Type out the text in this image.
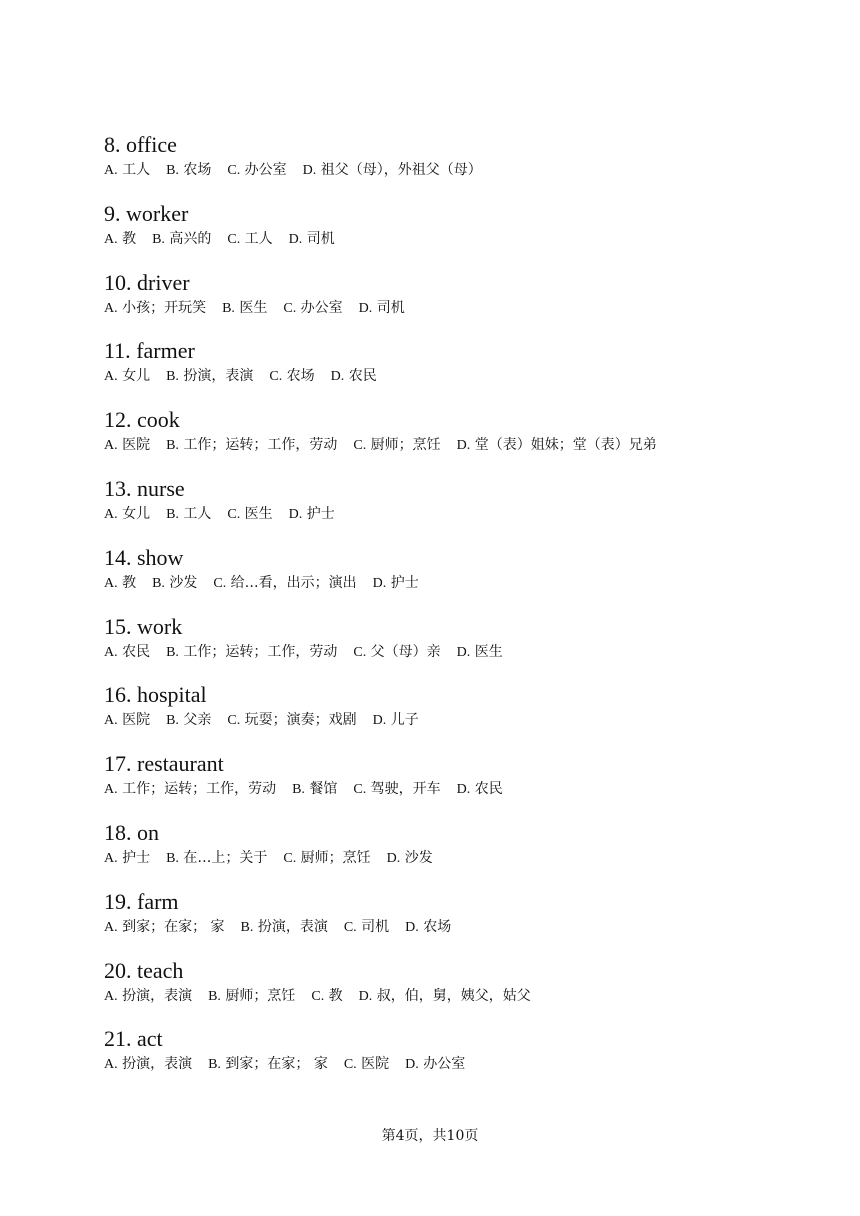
8. office
A. 工人 B. 农场 C. 办公室 D. 祖父（母），外祖父（母）
9. worker
A. 教 B. 高兴的 C. 工人 D. 司机
10. driver
A. 小孩；开玩笑 B. 医生 C. 办公室 D. 司机
11. farmer
A. 女儿 B. 扮演，表演 C. 农场 D. 农民
12. cook
A. 医院 B. 工作；运转；工作，劳动 C. 厨师；烹饪 D. 堂（表）姐妹；堂（表）兄弟
13. nurse
A. 女儿 B. 工人 C. 医生 D. 护士
14. show
A. 教 B. 沙发 C. 给…看，出示；演出 D. 护士
15. work
A. 农民 B. 工作；运转；工作，劳动 C. 父（母）亲 D. 医生
16. hospital
A. 医院 B. 父亲 C. 玩耍；演奏；戏剧 D. 儿子
17. restaurant
A. 工作；运转；工作，劳动 B. 餐馆 C. 驾驶，开车 D. 农民
18. on
A. 护士 B. 在…上；关于 C. 厨师；烹饪 D. 沙发
19. farm
A. 到家；在家； 家 B. 扮演，表演 C. 司机 D. 农场
20. teach
A. 扮演，表演 B. 厨师；烹饪 C. 教 D. 叔，伯，舅，姨父，姑父
21. act
A. 扮演，表演 B. 到家；在家； 家 C. 医院 D. 办公室
第4页，共10页
